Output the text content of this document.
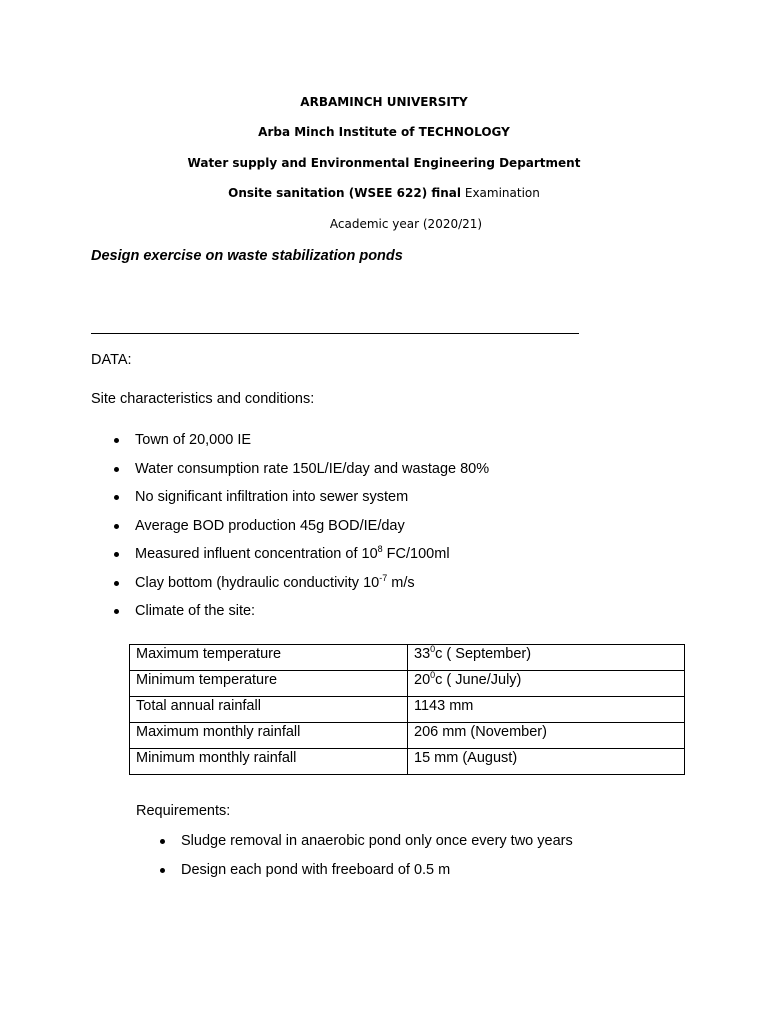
ARBAMINCH UNIVERSITY
Arba Minch Institute of TECHNOLOGY
Water supply and Environmental Engineering Department
Onsite sanitation (WSEE 622) final Examination
Academic year (2020/21)
Design exercise on waste stabilization ponds
DATA:
Site characteristics and conditions:
Town of 20,000 IE
Water consumption rate 150L/IE/day and wastage 80%
No significant infiltration into sewer system
Average BOD production 45g BOD/IE/day
Measured influent concentration of $10^8$ FC/100ml
Clay bottom (hydraulic conductivity $10^{-7}$ m/s
Climate of the site:
Maximum temperature	$33^0c$ ( September)
Minimum temperature	$20^0c$ ( June/July)
Total annual rainfall	1143 mm
Maximum monthly rainfall	206 mm (November)
Minimum monthly rainfall	15 mm (August)
Requirements:
Sludge removal in anaerobic pond only once every two years
Design each pond with freeboard of 0.5 m
